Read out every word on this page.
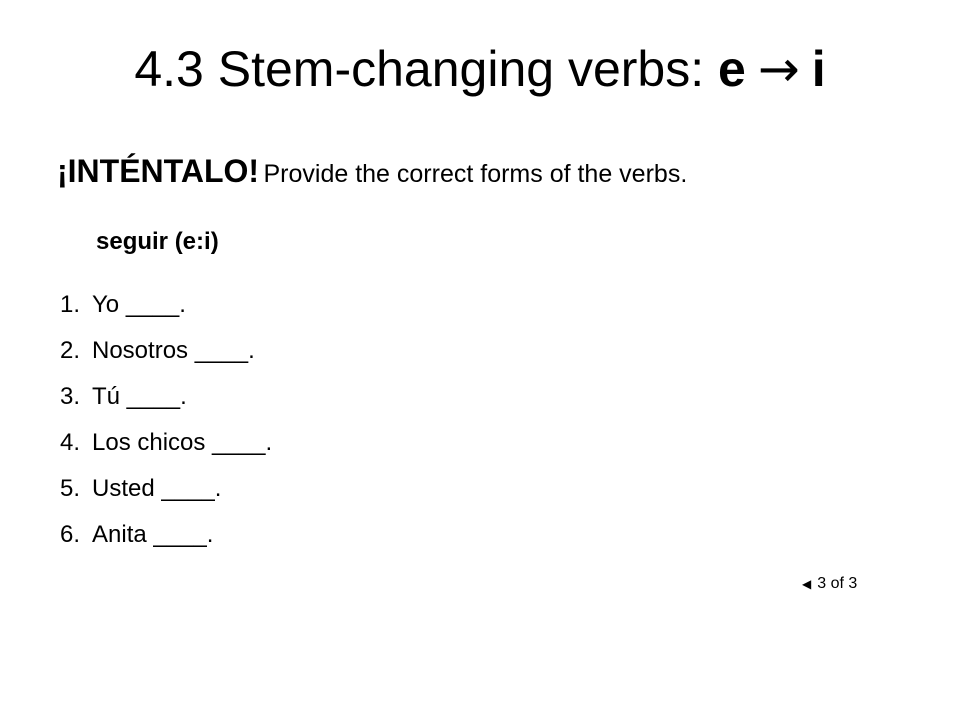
4.3 Stem-changing verbs: e → i
¡INTÉNTALO! Provide the correct forms of the verbs.
seguir (e:i)
1. Yo ____.
2. Nosotros ____.
3. Tú ____.
4. Los chicos ____.
5. Usted ____.
6. Anita ____.
◀ 3 of 3
